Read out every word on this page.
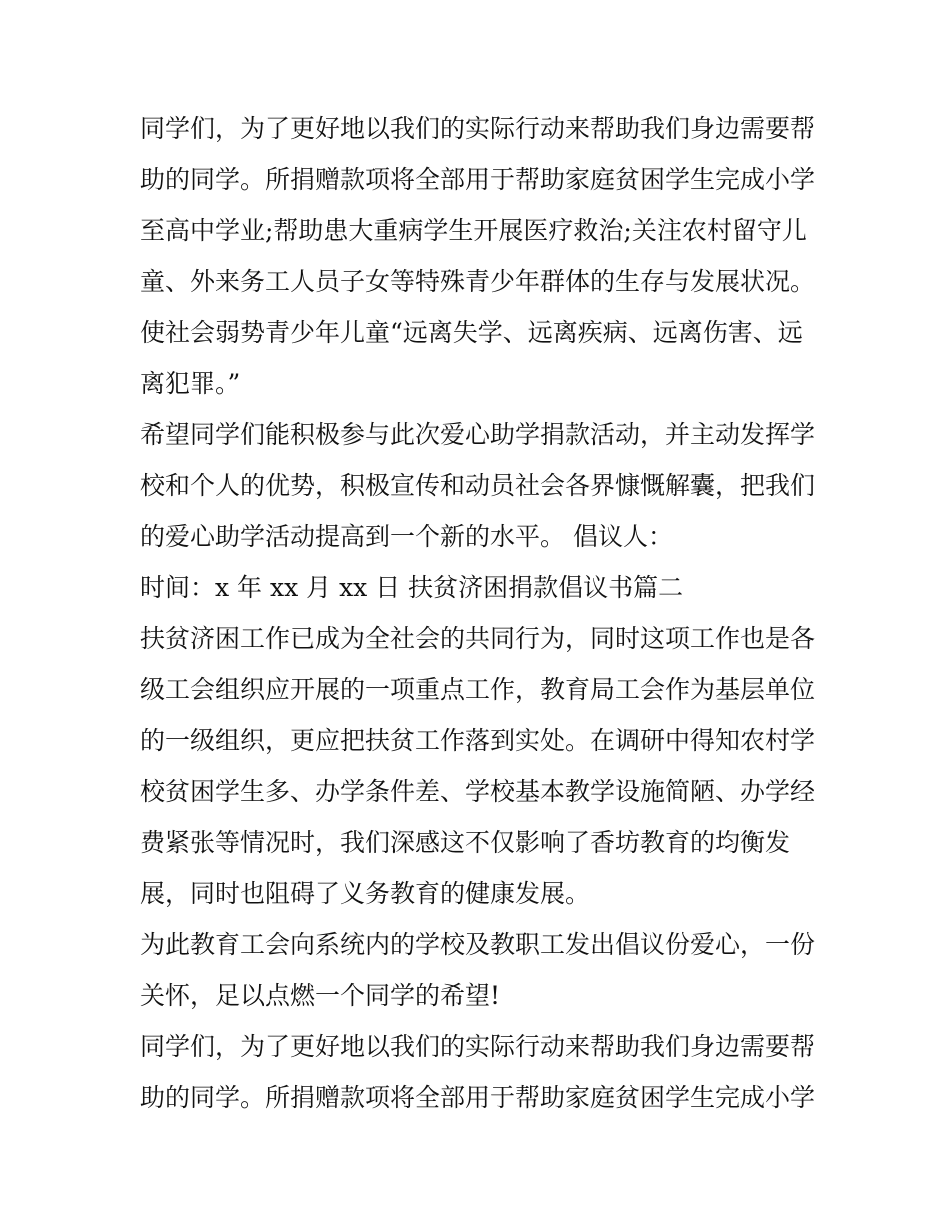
同学们，为了更好地以我们的实际行动来帮助我们身边需要帮
助的同学。所捐赠款项将全部用于帮助家庭贫困学生完成小学
至高中学业;帮助患大重病学生开展医疗救治;关注农村留守儿
童、外来务工人员子女等特殊青少年群体的生存与发展状况。
使社会弱势青少年儿童“远离失学、远离疾病、远离伤害、远
离犯罪。”
希望同学们能积极参与此次爱心助学捐款活动，并主动发挥学
校和个人的优势，积极宣传和动员社会各界慷慨解囊，把我们
的爱心助学活动提高到一个新的水平。 倡议人：
时间：x 年 xx 月 xx 日 扶贫济困捐款倡议书篇二
扶贫济困工作已成为全社会的共同行为，同时这项工作也是各
级工会组织应开展的一项重点工作，教育局工会作为基层单位
的一级组织，更应把扶贫工作落到实处。在调研中得知农村学
校贫困学生多、办学条件差、学校基本教学设施简陋、办学经
费紧张等情况时，我们深感这不仅影响了香坊教育的均衡发
展，同时也阻碍了义务教育的健康发展。
为此教育工会向系统内的学校及教职工发出倡议份爱心，一份
关怀，足以点燃一个同学的希望!
同学们，为了更好地以我们的实际行动来帮助我们身边需要帮
助的同学。所捐赠款项将全部用于帮助家庭贫困学生完成小学
